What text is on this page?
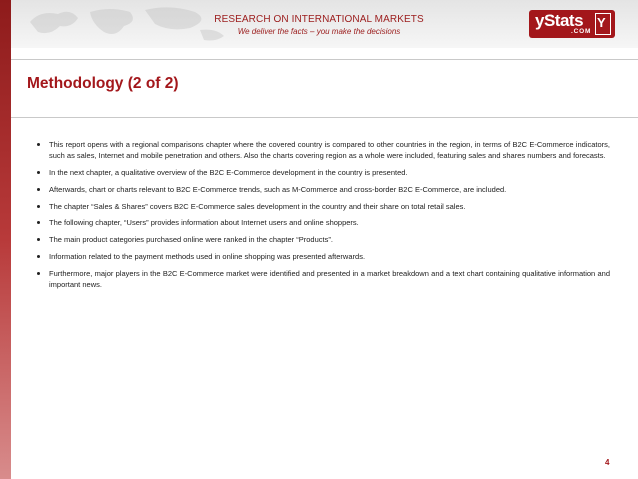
RESEARCH ON INTERNATIONAL MARKETS
We deliver the facts – you make the decisions
yStats
.COM
Y
Methodology (2 of 2)
This report opens with a regional comparisons chapter where the covered country is compared to other countries in the region, in terms of B2C E-Commerce indicators, such as sales, Internet and mobile penetration and others. Also the charts covering region as a whole were included, featuring sales and shares numbers and forecasts.
In the next chapter, a qualitative overview of the B2C E-Commerce development in the country is presented.
Afterwards, chart or charts relevant to B2C E-Commerce trends, such as M-Commerce and cross-border B2C E-Commerce, are included.
The chapter “Sales & Shares” covers B2C E-Commerce sales development in the country and their share on total retail sales.
The following chapter, “Users” provides information about Internet users and online shoppers.
The main product categories purchased online were ranked in the chapter “Products”.
Information related to the payment methods used in online shopping was presented afterwards.
Furthermore, major players in the B2C E-Commerce market were identified and presented in a market breakdown and a text chart containing qualitative information and important news.
4
